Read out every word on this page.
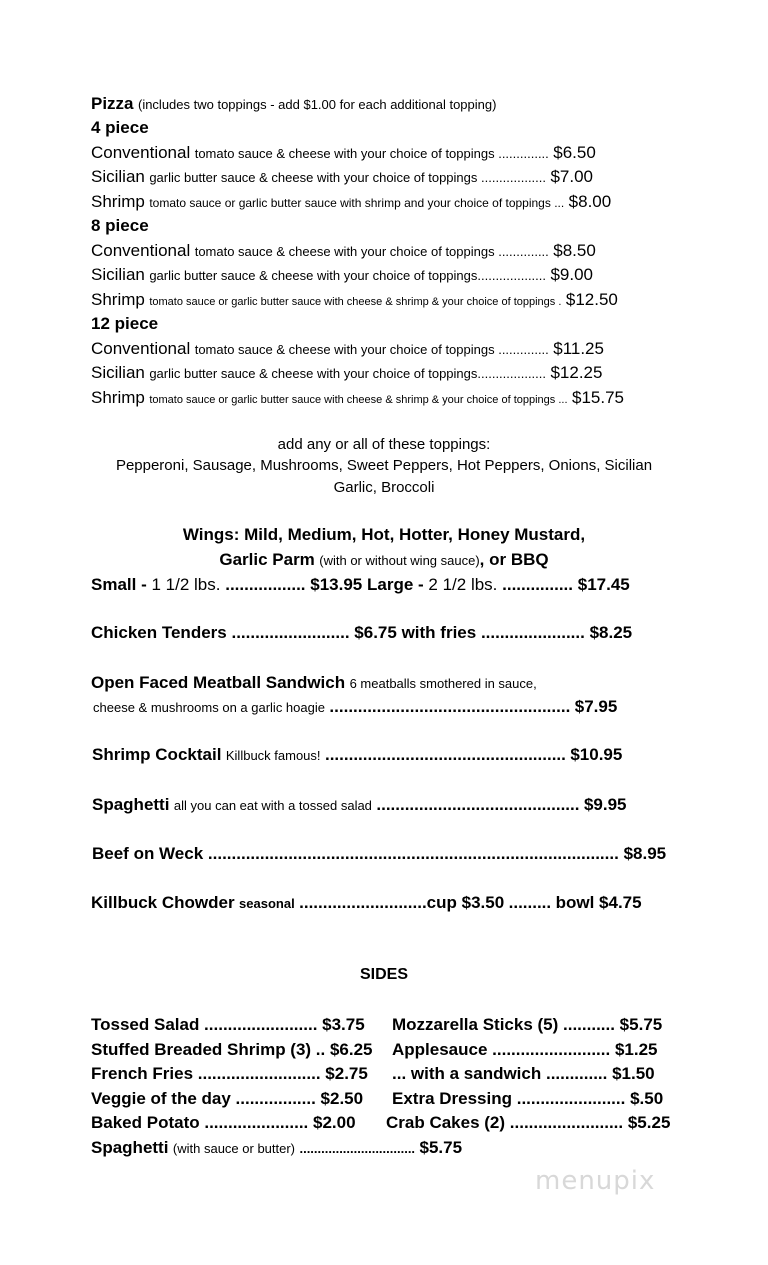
Pizza (includes two toppings - add $1.00 for each additional topping)
4 piece
Conventional tomato sauce & cheese with your choice of toppings .............. $6.50
Sicilian garlic butter sauce & cheese with your choice of toppings .................. $7.00
Shrimp tomato sauce or garlic butter sauce with shrimp and your choice of toppings ... $8.00
8 piece
Conventional tomato sauce & cheese with your choice of toppings .............. $8.50
Sicilian garlic butter sauce & cheese with your choice of toppings................... $9.00
Shrimp tomato sauce or garlic butter sauce with cheese & shrimp & your choice of toppings . $12.50
12 piece
Conventional tomato sauce & cheese with your choice of toppings .............. $11.25
Sicilian garlic butter sauce & cheese with your choice of toppings................... $12.25
Shrimp tomato sauce or garlic butter sauce with cheese & shrimp & your choice of toppings ... $15.75
add any or all of these toppings:
Pepperoni, Sausage, Mushrooms, Sweet Peppers, Hot Peppers, Onions, Sicilian
Garlic, Broccoli
Wings: Mild, Medium, Hot, Hotter, Honey Mustard,
Garlic Parm (with or without wing sauce), or BBQ
Small - 1 1/2 lbs. ................. $13.95 Large - 2 1/2 lbs. ............... $17.45
Chicken Tenders ......................... $6.75 with fries ...................... $8.25
Open Faced Meatball Sandwich 6 meatballs smothered in sauce,
cheese & mushrooms on a garlic hoagie ................................................... $7.95
Shrimp Cocktail Killbuck famous! ................................................... $10.95
Spaghetti all you can eat with a tossed salad ........................................... $9.95
Beef on Weck ....................................................................................... $8.95
Killbuck Chowder seasonal ...........................cup $3.50 ......... bowl $4.75
SIDES
Tossed Salad ........................ $3.75 Mozzarella Sticks (5) ........... $5.75
Stuffed Breaded Shrimp (3) .. $6.25 Applesauce ......................... $1.25
French Fries .......................... $2.75 ... with a sandwich ............. $1.50
Veggie of the day ................. $2.50 Extra Dressing ....................... $.50
Baked Potato ...................... $2.00 Crab Cakes (2) ........................ $5.25
Spaghetti (with sauce or butter) ................................ $5.75
menupix
